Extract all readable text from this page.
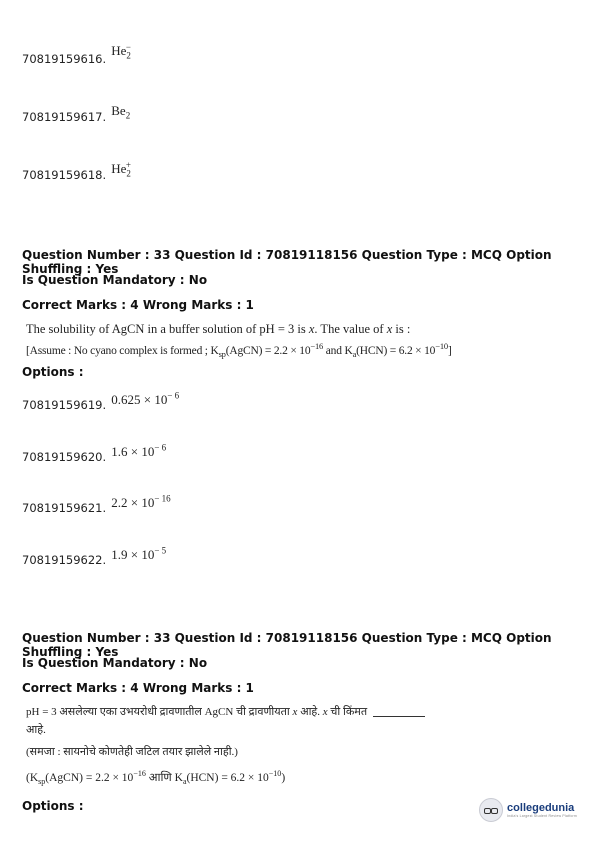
70819159616. $^{He_2^-}$
70819159617. $^{Be_2}$
70819159618. $^{He_2^+}$
Question Number : 33 Question Id : 70819118156 Question Type : MCQ Option Shuffling : Yes
Is Question Mandatory : No
Correct Marks : 4 Wrong Marks : 1
The solubility of AgCN in a buffer solution of pH = 3 is x. The value of x is :
[Assume : No cyano complex is formed ; $K_{sp}(AgCN) = 2.2 \times 10^{-16}$ and $K_a(HCN) = 6.2 \times 10^{-10}$]
Options :
70819159619. $^{0.625 \times 10^{- 6}}$
70819159620. $^{1.6 \times 10^{- 6}}$
70819159621. $^{2.2 \times 10^{- 16}}$
70819159622. $^{1.9 \times 10^{- 5}}$
Question Number : 33 Question Id : 70819118156 Question Type : MCQ Option Shuffling : Yes
Is Question Mandatory : No
Correct Marks : 4 Wrong Marks : 1
pH = 3 असलेल्या एका उभयरोधी द्रावणातील AgCN ची द्रावणीयता x आहे. x ची किंमत
आहे.
(समजा : सायनोचे कोणतेही जटिल तयार झालेले नाही.)
($K_{sp}(AgCN) = 2.2 \times 10^{-16}$ आणि $K_a(HCN) = 6.2 \times 10^{-10}$)
Options :	collegedunia
India's Largest Student Review Platform
